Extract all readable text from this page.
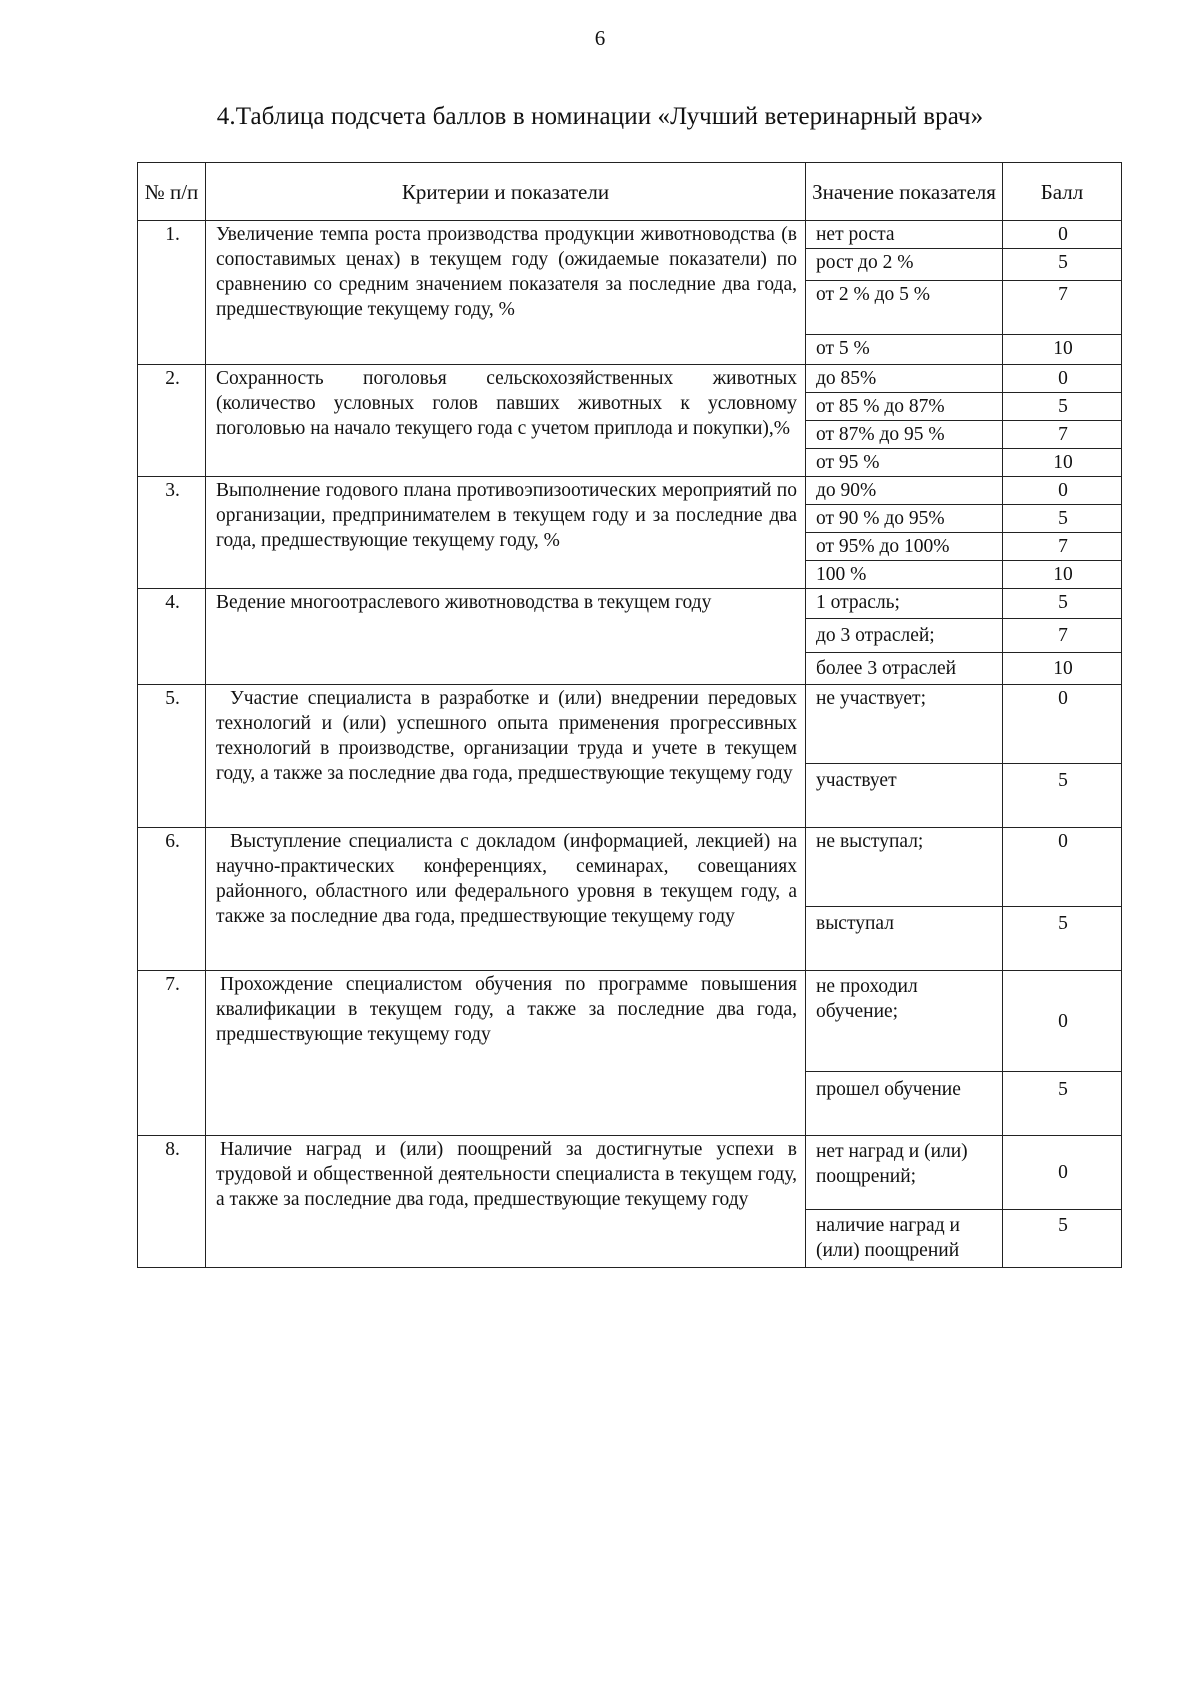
6
4.Таблица подсчета баллов в номинации «Лучший ветеринарный врач»
№ п/п	Критерии и показатели	Значение показателя	Балл
1.	Увеличение темпа роста производства продукции животноводства (в сопоставимых ценах) в текущем году (ожидаемые показатели) по сравнению со средним значением показателя за последние два года, предшествующие текущему году, %	нет роста	0
		рост до 2 %	5
		от 2 % до 5 %	7
		от 5 %	10
2.	Сохранность поголовья сельскохозяйственных животных (количество условных голов павших животных к условному поголовью на начало текущего года с учетом приплода и покупки),%	до 85%	0
		от 85 % до 87%	5
		от 87% до 95 %	7
		от 95 %	10
3.	Выполнение годового плана противоэпизоотических мероприятий по организации, предпринимателем в текущем году и за последние два года, предшествующие текущему году, %	до 90%	0
		от 90 % до 95%	5
		от 95% до 100%	7
		100 %	10
4.	Ведение многоотраслевого животноводства в текущем году	1 отрасль;	5
		до 3 отраслей;	7
		более 3 отраслей	10
5.	Участие специалиста в разработке и (или) внедрении передовых технологий и (или) успешного опыта применения прогрессивных технологий в производстве, организации труда и учете в текущем году, а также за последние два года, предшествующие текущему году	не участвует;	0
		участвует	5
6.	Выступление специалиста с докладом (информацией, лекцией) на научно-практических конференциях, семинарах, совещаниях районного, областного или федерального уровня в текущем году, а также за последние два года, предшествующие текущему году	не выступал;	0
		выступал	5
7.	Прохождение специалистом обучения по программе повышения квалификации в текущем году, а также за последние два года, предшествующие текущему году	не проходил обучение;	0
		прошел обучение	5
8.	Наличие наград и (или) поощрений за достигнутые успехи в трудовой и общественной деятельности специалиста в текущем году, а также за последние два года, предшествующие текущему году	нет наград и (или) поощрений;	0
		наличие наград и (или) поощрений	5
